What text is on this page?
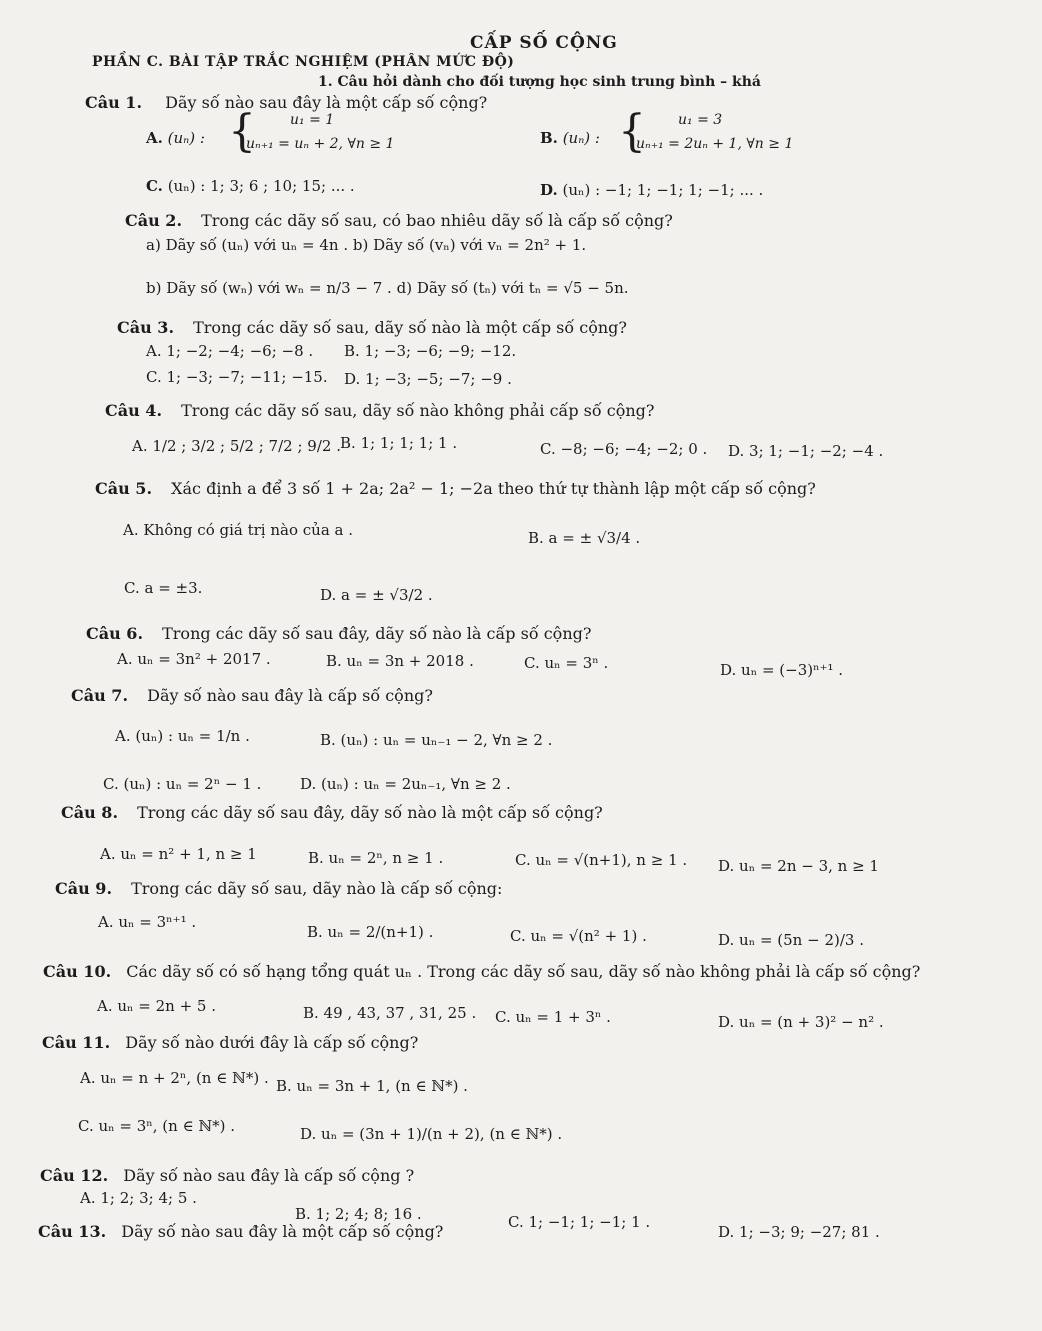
CẤP SỐ CỘNG
PHẦN C. BÀI TẬP TRẮC NGHIỆM (PHÂN MỨC ĐỘ)
1. Câu hỏi dành cho đối tượng học sinh trung bình – khá
Câu 1. Dãy số nào sau đây là một cấp số cộng?
A. (uₙ) : { u₁ = 1
uₙ₊₁ = uₙ + 2, ∀n ≥ 1	B. (uₙ) : { u₁ = 3
uₙ₊₁ = 2uₙ + 1, ∀n ≥ 1
C. (uₙ) : 1; 3; 6 ; 10; 15; ... .	D. (uₙ) : −1; 1; −1; 1; −1; ... .
Câu 2. Trong các dãy số sau, có bao nhiêu dãy số là cấp số cộng?
a) Dãy số (uₙ) với uₙ = 4n . b) Dãy số (vₙ) với vₙ = 2n² + 1.
b) Dãy số (wₙ) với wₙ = n/3 − 7 . d) Dãy số (tₙ) với tₙ = √5 − 5n.
Câu 3. Trong các dãy số sau, dãy số nào là một cấp số cộng?
A. 1; −2; −4; −6; −8 . B. 1; −3; −6; −9; −12.
C. 1; −3; −7; −11; −15. D. 1; −3; −5; −7; −9 .
Câu 4. Trong các dãy số sau, dãy số nào không phải cấp số cộng?
A. 1/2 ; 3/2 ; 5/2 ; 7/2 ; 9/2 . B. 1; 1; 1; 1; 1 .	C. −8; −6; −4; −2; 0 . D. 3; 1; −1; −2; −4 .
Câu 5. Xác định a để 3 số 1 + 2a; 2a² − 1; −2a theo thứ tự thành lập một cấp số cộng?
A. Không có giá trị nào của a .	B. a = ± √3/4 .
C. a = ±3.	D. a = ± √3/2 .
Câu 6. Trong các dãy số sau đây, dãy số nào là cấp số cộng?
A. uₙ = 3n² + 2017 .	B. uₙ = 3n + 2018 .	C. uₙ = 3ⁿ .	D. uₙ = (−3)ⁿ⁺¹ .
Câu 7. Dãy số nào sau đây là cấp số cộng?
A. (uₙ) : uₙ = 1/n .	B. (uₙ) : uₙ = uₙ₋₁ − 2, ∀n ≥ 2 .
C. (uₙ) : uₙ = 2ⁿ − 1 .	D. (uₙ) : uₙ = 2uₙ₋₁, ∀n ≥ 2 .
Câu 8. Trong các dãy số sau đây, dãy số nào là một cấp số cộng?
A. uₙ = n² + 1, n ≥ 1	B. uₙ = 2ⁿ, n ≥ 1 .	C. uₙ = √(n+1), n ≥ 1 . D. uₙ = 2n − 3, n ≥ 1
Câu 9. Trong các dãy số sau, dãy nào là cấp số cộng:
A. uₙ = 3ⁿ⁺¹ .
B. uₙ = 2/(n+1) .	C. uₙ = √(n² + 1) .	D. uₙ = (5n − 2)/3 .
Câu 10. Các dãy số có số hạng tổng quát uₙ . Trong các dãy số sau, dãy số nào không phải là cấp số cộng?
A. uₙ = 2n + 5 .	B. 49 , 43, 37 , 31, 25 . C. uₙ = 1 + 3ⁿ .	D. uₙ = (n + 3)² − n² .
Câu 11. Dãy số nào dưới đây là cấp số cộng?
A. uₙ = n + 2ⁿ, (n ∈ ℕ*) . B. uₙ = 3n + 1, (n ∈ ℕ*) .
C. uₙ = 3ⁿ, (n ∈ ℕ*) .	D. uₙ = (3n + 1)/(n + 2), (n ∈ ℕ*) .
Câu 12. Dãy số nào sau đây là cấp số cộng ?
A. 1; 2; 3; 4; 5 .
B. 1; 2; 4; 8; 16 .	C. 1; −1; 1; −1; 1 .
D. 1; −3; 9; −27; 81 .
Câu 13. Dãy số nào sau đây là một cấp số cộng?
